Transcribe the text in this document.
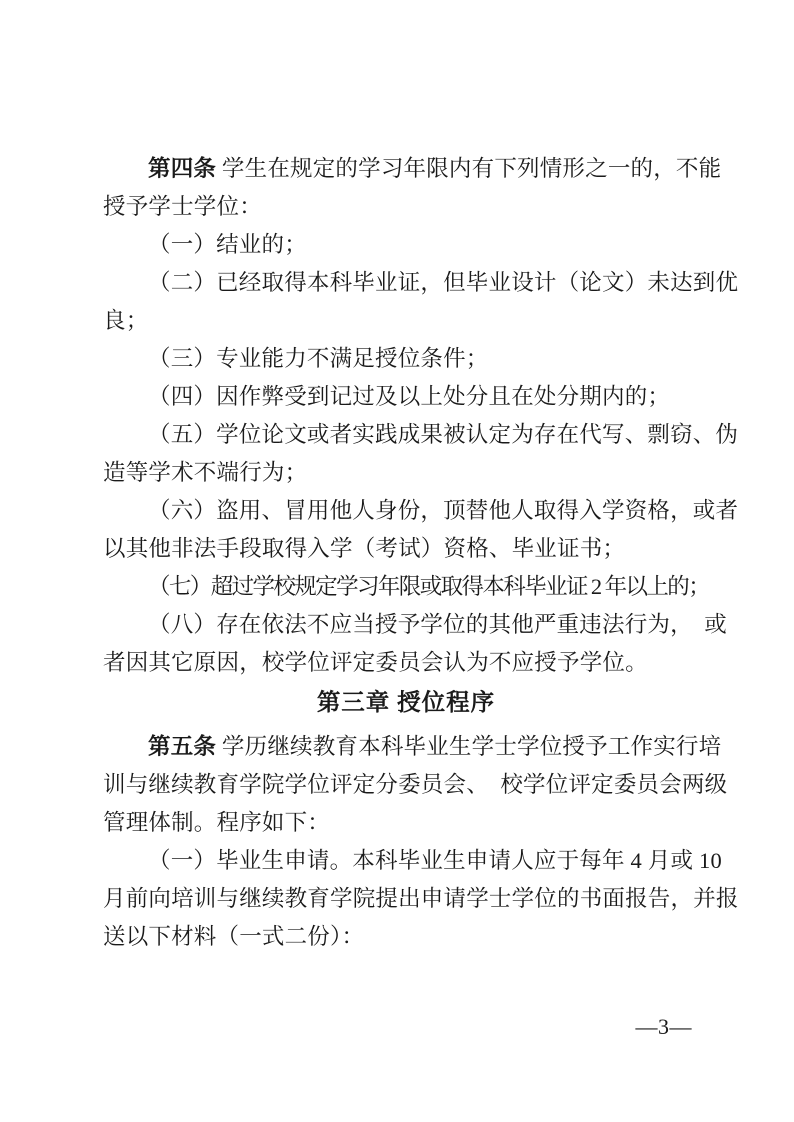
第四条 学生在规定的学习年限内有下列情形之一的，不能
授予学士学位：
（一）结业的；
（二）已经取得本科毕业证，但毕业设计（论文）未达到优
良；
（三）专业能力不满足授位条件；
（四）因作弊受到记过及以上处分且在处分期内的；
（五）学位论文或者实践成果被认定为存在代写、剽窃、伪
造等学术不端行为；
（六）盗用、冒用他人身份，顶替他人取得入学资格，或者
以其他非法手段取得入学（考试）资格、毕业证书；
（七）超过学校规定学习年限或取得本科毕业证 2 年以上的；
（八）存在依法不应当授予学位的其他严重违法行为，　或
者因其它原因，校学位评定委员会认为不应授予学位。
第三章 授位程序
第五条 学历继续教育本科毕业生学士学位授予工作实行培
训与继续教育学院学位评定分委员会、　校学位评定委员会两级
管理体制。程序如下：
（一）毕业生申请。本科毕业生申请人应于每年 4 月或 10
月前向培训与继续教育学院提出申请学士学位的书面报告，并报
送以下材料（一式二份）：
—3—
